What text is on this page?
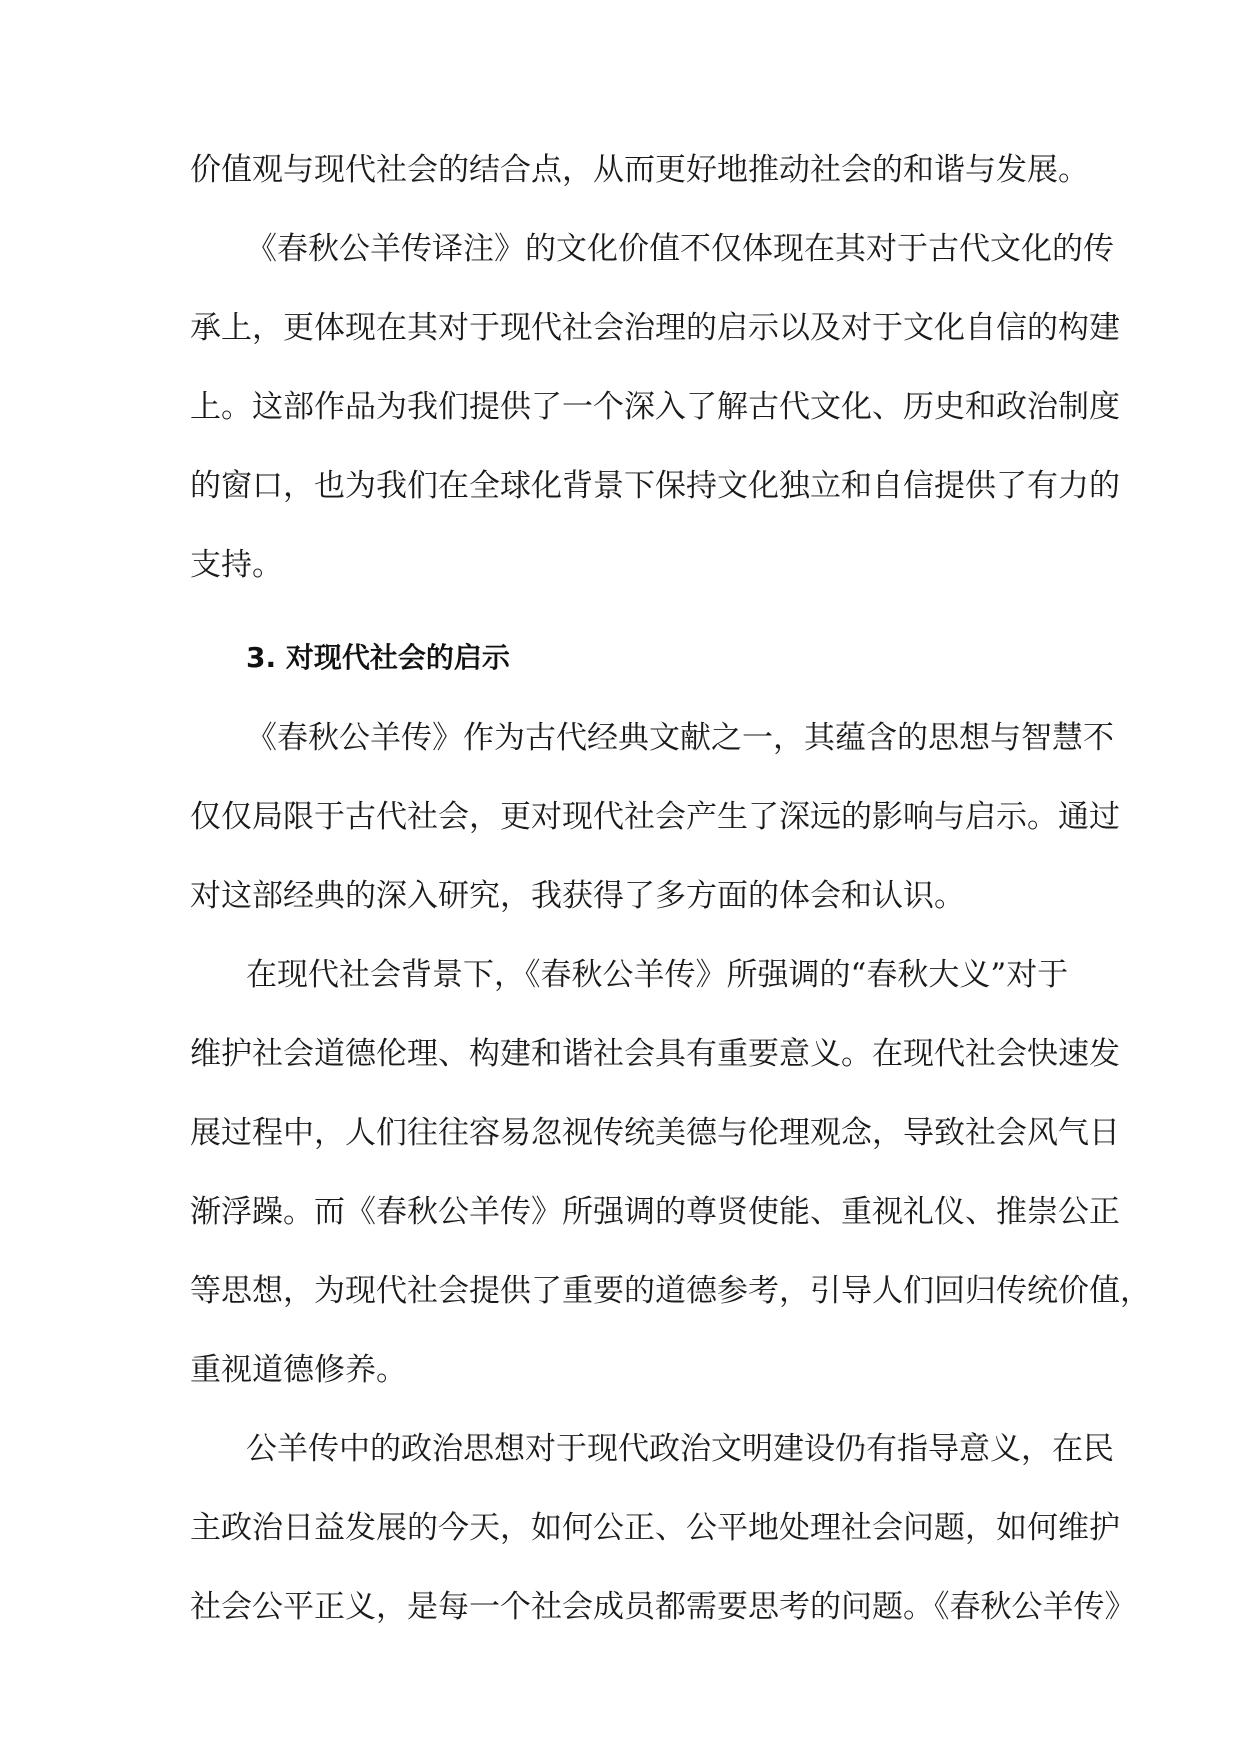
价值观与现代社会的结合点，从而更好地推动社会的和谐与发展。
《春秋公羊传译注》的文化价值不仅体现在其对于古代文化的传
承上，更体现在其对于现代社会治理的启示以及对于文化自信的构建
上。这部作品为我们提供了一个深入了解古代文化、历史和政治制度
的窗口，也为我们在全球化背景下保持文化独立和自信提供了有力的
支持。
3. 对现代社会的启示
《春秋公羊传》作为古代经典文献之一，其蕴含的思想与智慧不
仅仅局限于古代社会，更对现代社会产生了深远的影响与启示。通过
对这部经典的深入研究，我获得了多方面的体会和认识。
在现代社会背景下，《春秋公羊传》所强调的“春秋大义”对于
维护社会道德伦理、构建和谐社会具有重要意义。在现代社会快速发
展过程中，人们往往容易忽视传统美德与伦理观念，导致社会风气日
渐浮躁。而《春秋公羊传》所强调的尊贤使能、重视礼仪、推崇公正
等思想，为现代社会提供了重要的道德参考，引导人们回归传统价值，
重视道德修养。
公羊传中的政治思想对于现代政治文明建设仍有指导意义，在民
主政治日益发展的今天，如何公正、公平地处理社会问题，如何维护
社会公平正义，是每一个社会成员都需要思考的问题。《春秋公羊传》
